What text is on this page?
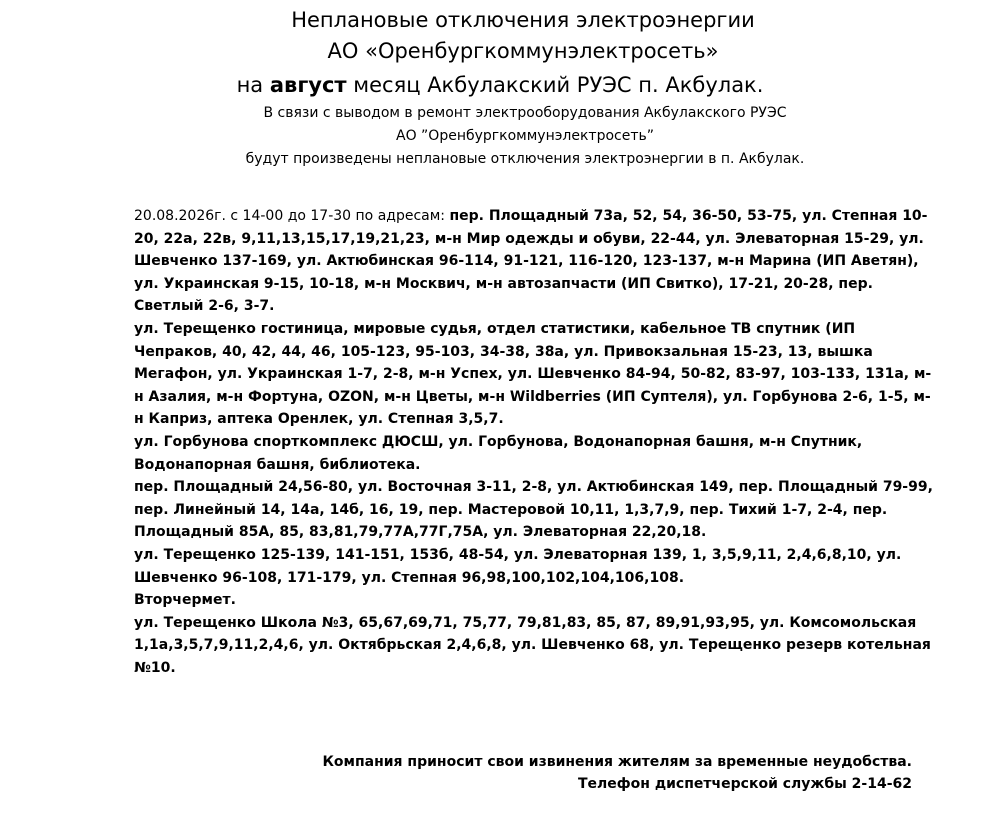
Неплановые отключения электроэнергии
АО «Оренбургкоммунэлектросеть»
на август месяц Акбулакский РУЭС п. Акбулак.
В связи с выводом в ремонт электрооборудования Акбулакского РУЭС
АО ”Оренбургкоммунэлектросеть”
будут произведены неплановые отключения электроэнергии в п. Акбулак.

20.08.2026г. с 14-00 до 17-30 по адресам: пер. Площадный 73а, 52, 54, 36-50, 53-75, ул. Степная 10-20, 22а, 22в, 9,11,13,15,17,19,21,23, м-н Мир одежды и обуви, 22-44, ул. Элеваторная 15-29, ул. Шевченко 137-169, ул. Актюбинская 96-114, 91-121, 116-120, 123-137, м-н Марина (ИП Аветян), ул. Украинская 9-15, 10-18, м-н Москвич, м-н автозапчасти (ИП Свитко), 17-21, 20-28, пер. Светлый 2-6, 3-7.

ул. Терещенко гостиница, мировые судья, отдел статистики, кабельное ТВ спутник (ИП Чепраков, 40, 42, 44, 46, 105-123, 95-103, 34-38, 38а, ул. Привокзальная 15-23, 13, вышка Мегафон, ул. Украинская 1-7, 2-8, м-н Успех, ул. Шевченко 84-94, 50-82, 83-97, 103-133, 131а, м-н Азалия, м-н Фортуна, OZON, м-н Цветы, м-н Wildberries (ИП Суптеля), ул. Горбунова 2-6, 1-5, м-н Каприз, аптека Оренлек, ул. Степная 3,5,7.

ул. Горбунова спорткомплекс ДЮСШ, ул. Горбунова, Водонапорная башня, м-н Спутник, Водонапорная башня, библиотека.

пер. Площадный 24,56-80, ул. Восточная 3-11, 2-8, ул. Актюбинская 149, пер. Площадный 79-99, пер. Линейный 14, 14а, 14б, 16, 19, пер. Мастеровой 10,11, 1,3,7,9, пер. Тихий 1-7, 2-4, пер. Площадный 85А, 85, 83,81,79,77А,77Г,75А, ул. Элеваторная 22,20,18.

ул. Терещенко 125-139, 141-151, 153б, 48-54, ул. Элеваторная 139, 1, 3,5,9,11, 2,4,6,8,10, ул. Шевченко 96-108, 171-179, ул. Степная 96,98,100,102,104,106,108.

Вторчермет.

ул. Терещенко Школа №3, 65,67,69,71, 75,77, 79,81,83, 85, 87, 89,91,93,95, ул. Комсомольская 1,1а,3,5,7,9,11,2,4,6, ул. Октябрьская 2,4,6,8, ул. Шевченко 68, ул. Терещенко резерв котельная №10.

Компания приносит свои извинения жителям за временные неудобства.
Телефон диспетчерской службы 2-14-62
